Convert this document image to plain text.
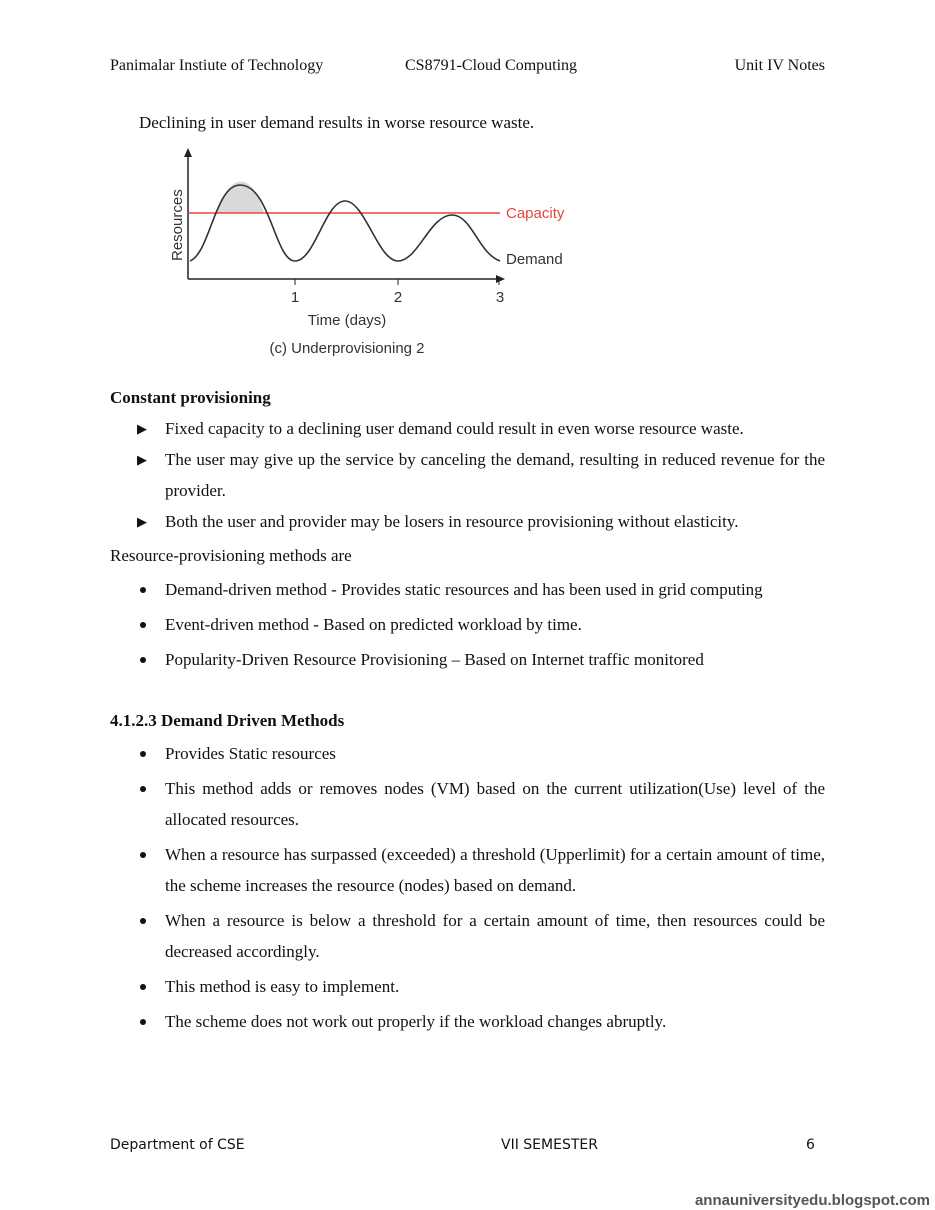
Panimalar Instiute of Technology	CS8791-Cloud Computing	Unit IV Notes
Declining in user demand results in worse resource waste.
1	2	3
Capacity
Demand
Resources
Time (days)
(c) Underprovisioning 2
Constant provisioning
▶ Fixed capacity to a declining user demand could result in even worse resource waste.
▶ The user may give up the service by canceling the demand, resulting in reduced revenue for the provider.
▶ Both the user and provider may be losers in resource provisioning without elasticity.
Resource-provisioning methods are
Demand-driven method - Provides static resources and has been used in grid computing
Event-driven method - Based on predicted workload by time.
Popularity-Driven Resource Provisioning – Based on Internet traffic monitored
4.1.2.3 Demand Driven Methods
Provides Static resources
This method adds or removes nodes (VM) based on the current utilization(Use) level of the allocated resources.
When a resource has surpassed (exceeded) a threshold (Upperlimit) for a certain amount of time, the scheme increases the resource (nodes) based on demand.
When a resource is below a threshold for a certain amount of time, then resources could be decreased accordingly.
This method is easy to implement.
The scheme does not work out properly if the workload changes abruptly.
Department of CSE	VII SEMESTER	6
annauniversityedu.blogspot.com
